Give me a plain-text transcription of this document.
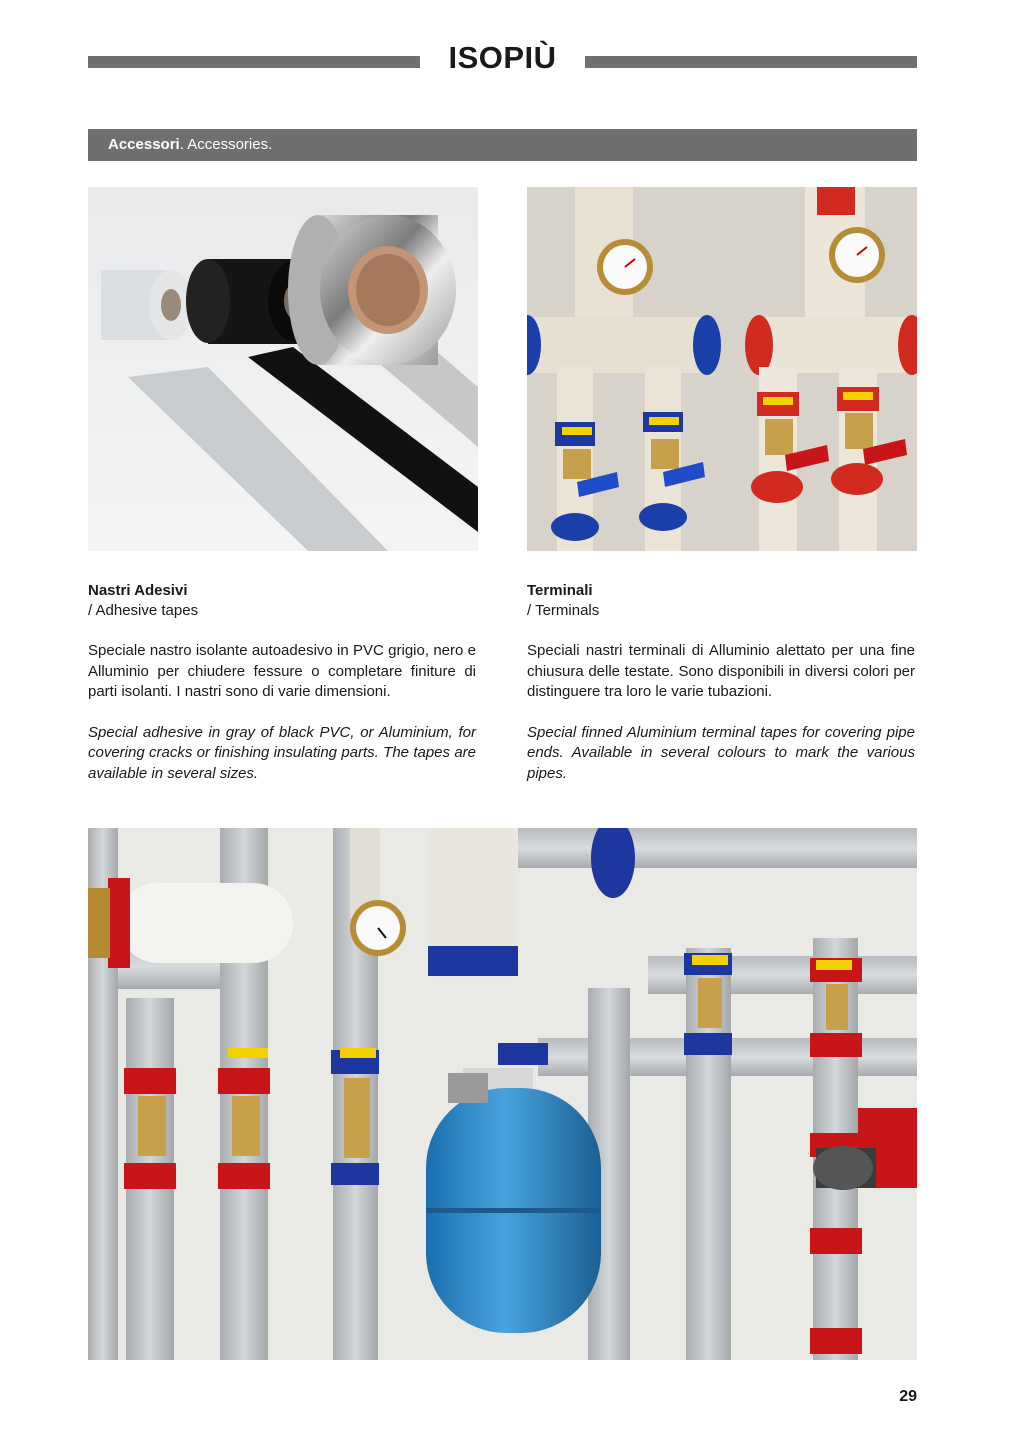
ISOPIÙ
Accessori. Accessories.
Nastri Adesivi
/ Adhesive tapes

Speciale nastro isolante autoadesivo in PVC grigio, nero e Alluminio per chiudere fessure o completare finiture di parti isolanti. I nastri sono di varie dimensioni.

Special adhesive in gray of black PVC, or Aluminium, for covering cracks or finishing insulating parts. The tapes are available in several sizes.

Terminali
/ Terminals

Speciali nastri terminali di Alluminio alettato per una fine chiusura delle testate. Sono disponibili in diversi colori per distinguere tra loro le varie tubazioni.

Special finned Aluminium terminal tapes for covering pipe ends. Available in several colours to mark the various pipes.

29
